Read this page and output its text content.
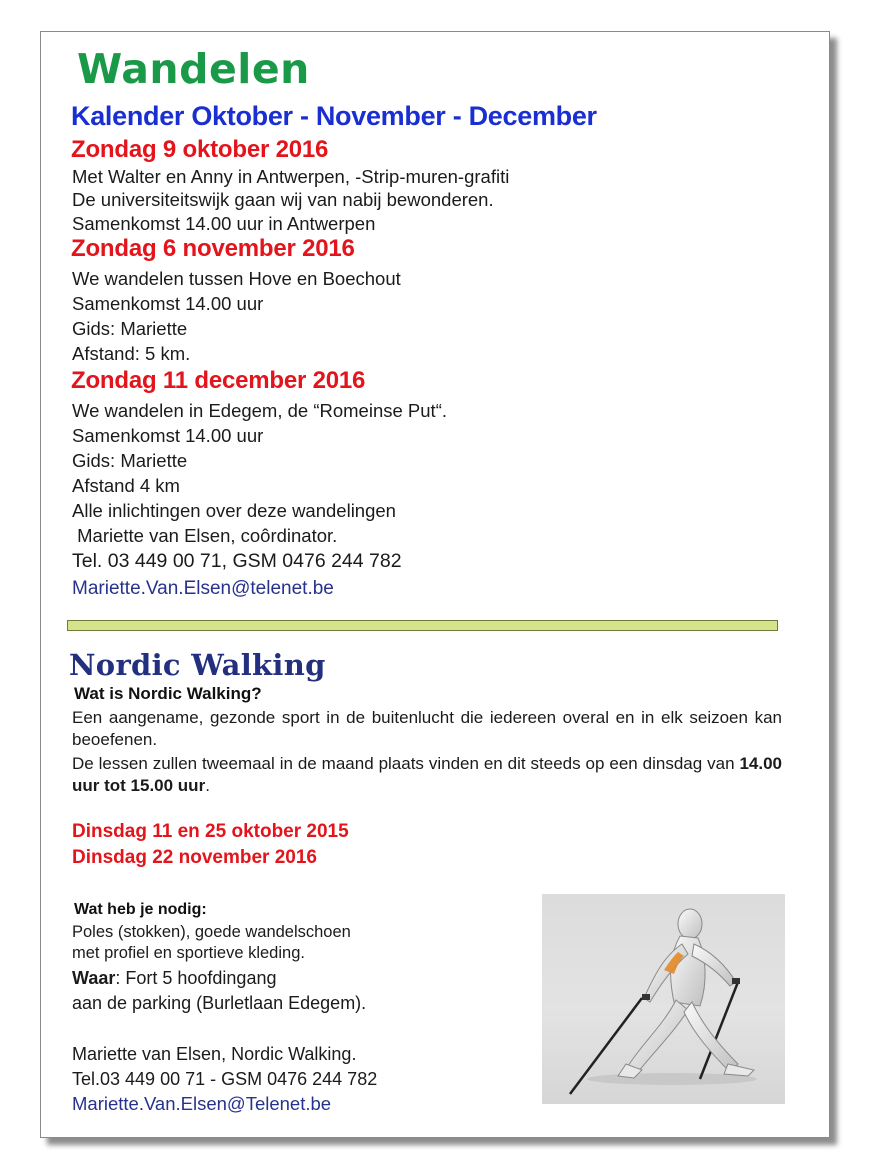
Wandelen
Kalender Oktober - November - December
Zondag 9 oktober 2016
Met Walter en Anny in Antwerpen, -Strip-muren-grafiti
De universiteitswijk gaan wij van nabij bewonderen.
Samenkomst 14.00 uur in Antwerpen
Zondag 6 november 2016
We wandelen tussen Hove en Boechout
Samenkomst 14.00 uur
Gids: Mariette
Afstand: 5 km.
Zondag 11 december 2016
We wandelen in Edegem, de “Romeinse Put“.
Samenkomst 14.00 uur
Gids: Mariette
Afstand 4 km
Alle inlichtingen over deze wandelingen
Mariette van Elsen, coôrdinator.
Tel. 03 449 00 71, GSM 0476 244 782
Mariette.Van.Elsen@telenet.be
Nordic Walking
Wat is Nordic Walking?
Een aangename, gezonde sport in de buitenlucht die iedereen overal en in elk seizoen kan beoefenen.
De lessen zullen tweemaal in de maand plaats vinden en dit steeds op een dinsdag van 14.00 uur tot 15.00 uur.
Dinsdag 11 en 25 oktober 2015
Dinsdag 22 november 2016
Wat heb je nodig:
Poles (stokken), goede wandelschoen
met profiel en sportieve kleding.
Waar: Fort 5 hoofdingang
aan de parking (Burletlaan Edegem).
Mariette van Elsen, Nordic Walking.
Tel.03 449 00 71 - GSM 0476 244 782
Mariette.Van.Elsen@Telenet.be
